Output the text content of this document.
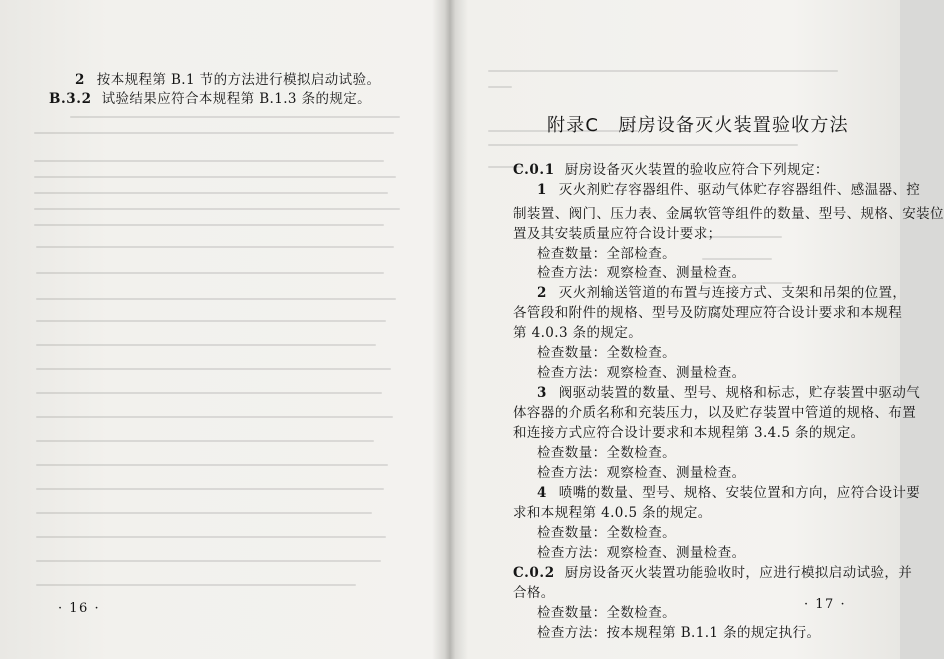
2 按本规程第 B.1 节的方法进行模拟启动试验。

B.3.2 试验结果应符合本规程第 B.1.3 条的规定。

· 16 ·
附录C　厨房设备灭火装置验收方法

C.0.1 厨房设备灭火装置的验收应符合下列规定：

1 灭火剂贮存容器组件、驱动气体贮存容器组件、感温器、控

制装置、阀门、压力表、金属软管等组件的数量、型号、规格、安装位

置及其安装质量应符合设计要求；

检查数量：全部检查。

检查方法：观察检查、测量检查。

2 灭火剂输送管道的布置与连接方式、支架和吊架的位置，

各管段和附件的规格、型号及防腐处理应符合设计要求和本规程

第 4.0.3 条的规定。

检查数量：全数检查。

检查方法：观察检查、测量检查。

3 阀驱动装置的数量、型号、规格和标志，贮存装置中驱动气

体容器的介质名称和充装压力，以及贮存装置中管道的规格、布置

和连接方式应符合设计要求和本规程第 3.4.5 条的规定。

检查数量：全数检查。

检查方法：观察检查、测量检查。

4 喷嘴的数量、型号、规格、安装位置和方向，应符合设计要

求和本规程第 4.0.5 条的规定。

检查数量：全数检查。

检查方法：观察检查、测量检查。

C.0.2 厨房设备灭火装置功能验收时，应进行模拟启动试验，并

合格。

检查数量：全数检查。

检查方法：按本规程第 B.1.1 条的规定执行。

· 17 ·
